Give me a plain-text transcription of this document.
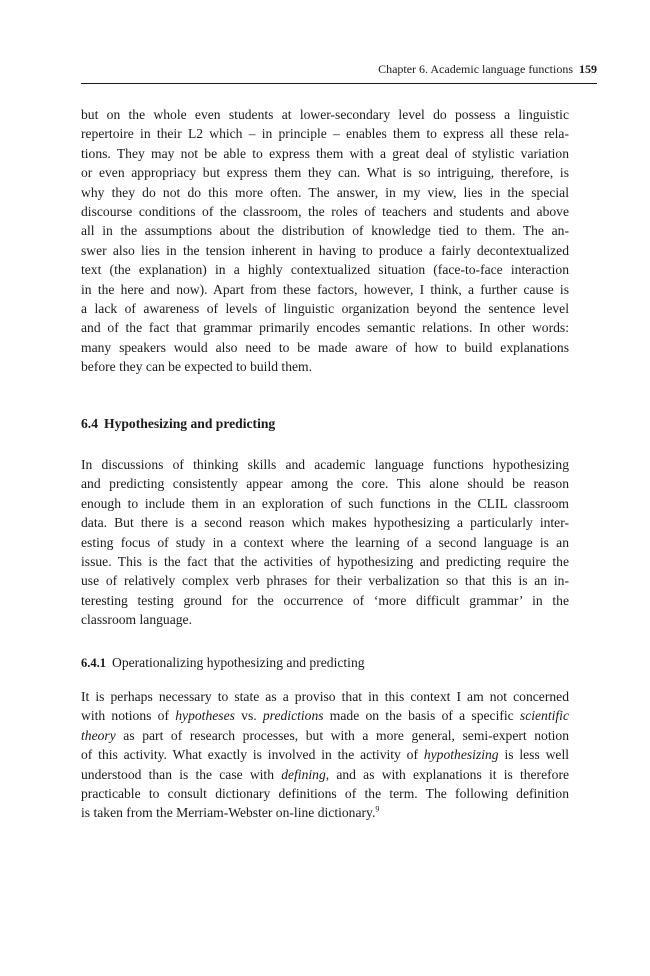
Chapter 6. Academic language functions 159
but on the whole even students at lower-secondary level do possess a linguistic
repertoire in their L2 which – in principle – enables them to express all these rela-
tions. They may not be able to express them with a great deal of stylistic variation
or even appropriacy but express them they can. What is so intriguing, therefore, is
why they do not do this more often. The answer, in my view, lies in the special
discourse conditions of the classroom, the roles of teachers and students and above
all in the assumptions about the distribution of knowledge tied to them. The an-
swer also lies in the tension inherent in having to produce a fairly decontextualized
text (the explanation) in a highly contextualized situation (face-to-face interaction
in the here and now). Apart from these factors, however, I think, a further cause is
a lack of awareness of levels of linguistic organization beyond the sentence level
and of the fact that grammar primarily encodes semantic relations. In other words:
many speakers would also need to be made aware of how to build explanations
before they can be expected to build them.
6.4 Hypothesizing and predicting
In discussions of thinking skills and academic language functions hypothesizing
and predicting consistently appear among the core. This alone should be reason
enough to include them in an exploration of such functions in the CLIL classroom
data. But there is a second reason which makes hypothesizing a particularly inter-
esting focus of study in a context where the learning of a second language is an
issue. This is the fact that the activities of hypothesizing and predicting require the
use of relatively complex verb phrases for their verbalization so that this is an in-
teresting testing ground for the occurrence of ‘more difficult grammar’ in the
classroom language.
6.4.1 Operationalizing hypothesizing and predicting
It is perhaps necessary to state as a proviso that in this context I am not concerned
with notions of hypotheses vs. predictions made on the basis of a specific scientific
theory as part of research processes, but with a more general, semi-expert notion
of this activity. What exactly is involved in the activity of hypothesizing is less well
understood than is the case with defining, and as with explanations it is therefore
practicable to consult dictionary definitions of the term. The following definition
is taken from the Merriam-Webster on-line dictionary.$^9$
